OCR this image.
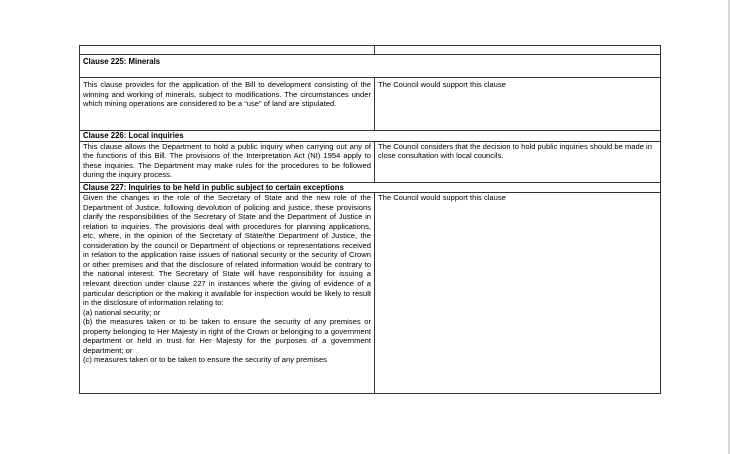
Clause 225: Minerals	
This clause provides for the application of the Bill to development consisting of the winning and working of minerals, subject to modifications. The circumstances under which mining operations are considered to be a “use” of land are stipulated.	The Council would support this clause
Clause 226: Local inquiries	
This clause allows the Department to hold a public inquiry when carrying out any of the functions of this Bill. The provisions of the Interpretation Act (NI) 1954 apply to these inquiries. The Department may make rules for the procedures to be followed during the inquiry process.	The Council considers that the decision to hold public inquiries should be made in close consultation with local councils.
Clause 227: Inquiries to be held in public subject to certain exceptions	

Given the changes in the role of the Secretary of State and the new role of the Department of Justice, following devolution of policing and justice, these provisions clarify the responsibilities of the Secretary of State and the Department of Justice in relation to inquiries. The provisions deal with procedures for planning applications, etc, where, in the opinion of the Secretary of State/the Department of Justice, the consideration by the council or Department of objections or representations received in relation to the application raise issues of national security or the security of Crown or other premises and that the disclosure of related information would be contrary to the national interest. The Secretary of State will have responsibility for issuing a relevant direction under clause 227 in instances where the giving of evidence of a particular description or the making it available for inspection would be likely to result in the disclosure of information relating to:

(a) national security; or
(b) the measures taken or to be taken to ensure the security of any premises or property belonging to Her Majesty in right of the Crown or belonging to a government department or held in trust for Her Majesty for the purposes of a government department; or
(c) measures taken or to be taken to ensure the security of any premises	The Council would support this clause
